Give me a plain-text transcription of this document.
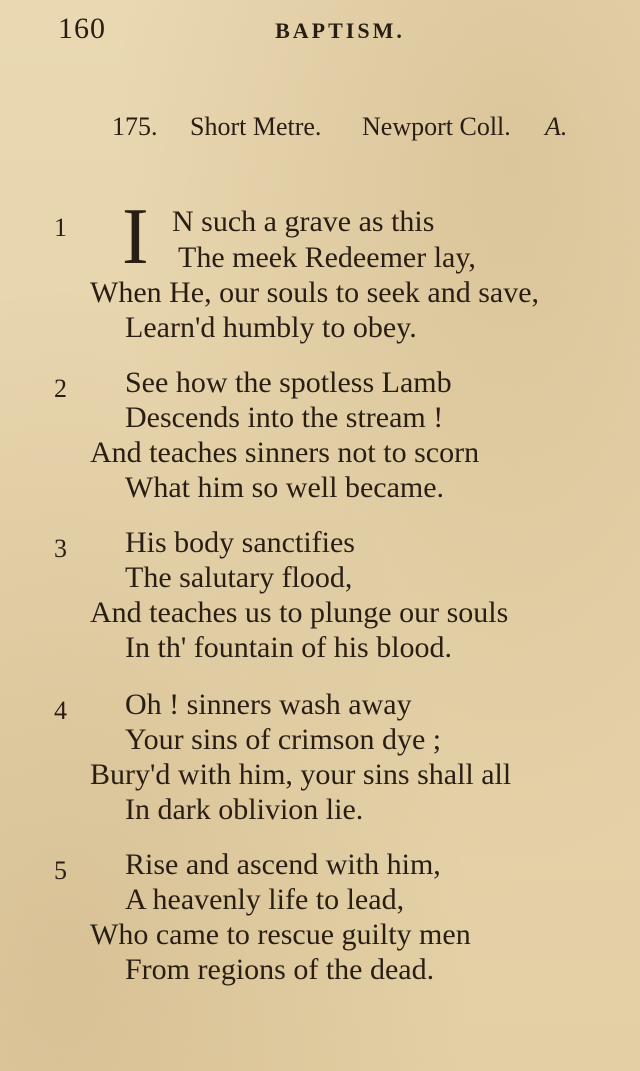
160	BAPTISM.
175. Short Metre. Newport Coll. A.
1 I N such a grave as this
The meek Redeemer lay,
When He, our souls to seek and save,
Learn'd humbly to obey.
2 See how the spotless Lamb
Descends into the stream !
And teaches sinners not to scorn
What him so well became.
3 His body sanctifies
The salutary flood,
And teaches us to plunge our souls
In th' fountain of his blood.
4 Oh ! sinners wash away
Your sins of crimson dye ;
Bury'd with him, your sins shall all
In dark oblivion lie.
5 Rise and ascend with him,
A heavenly life to lead,
Who came to rescue guilty men
From regions of the dead.
